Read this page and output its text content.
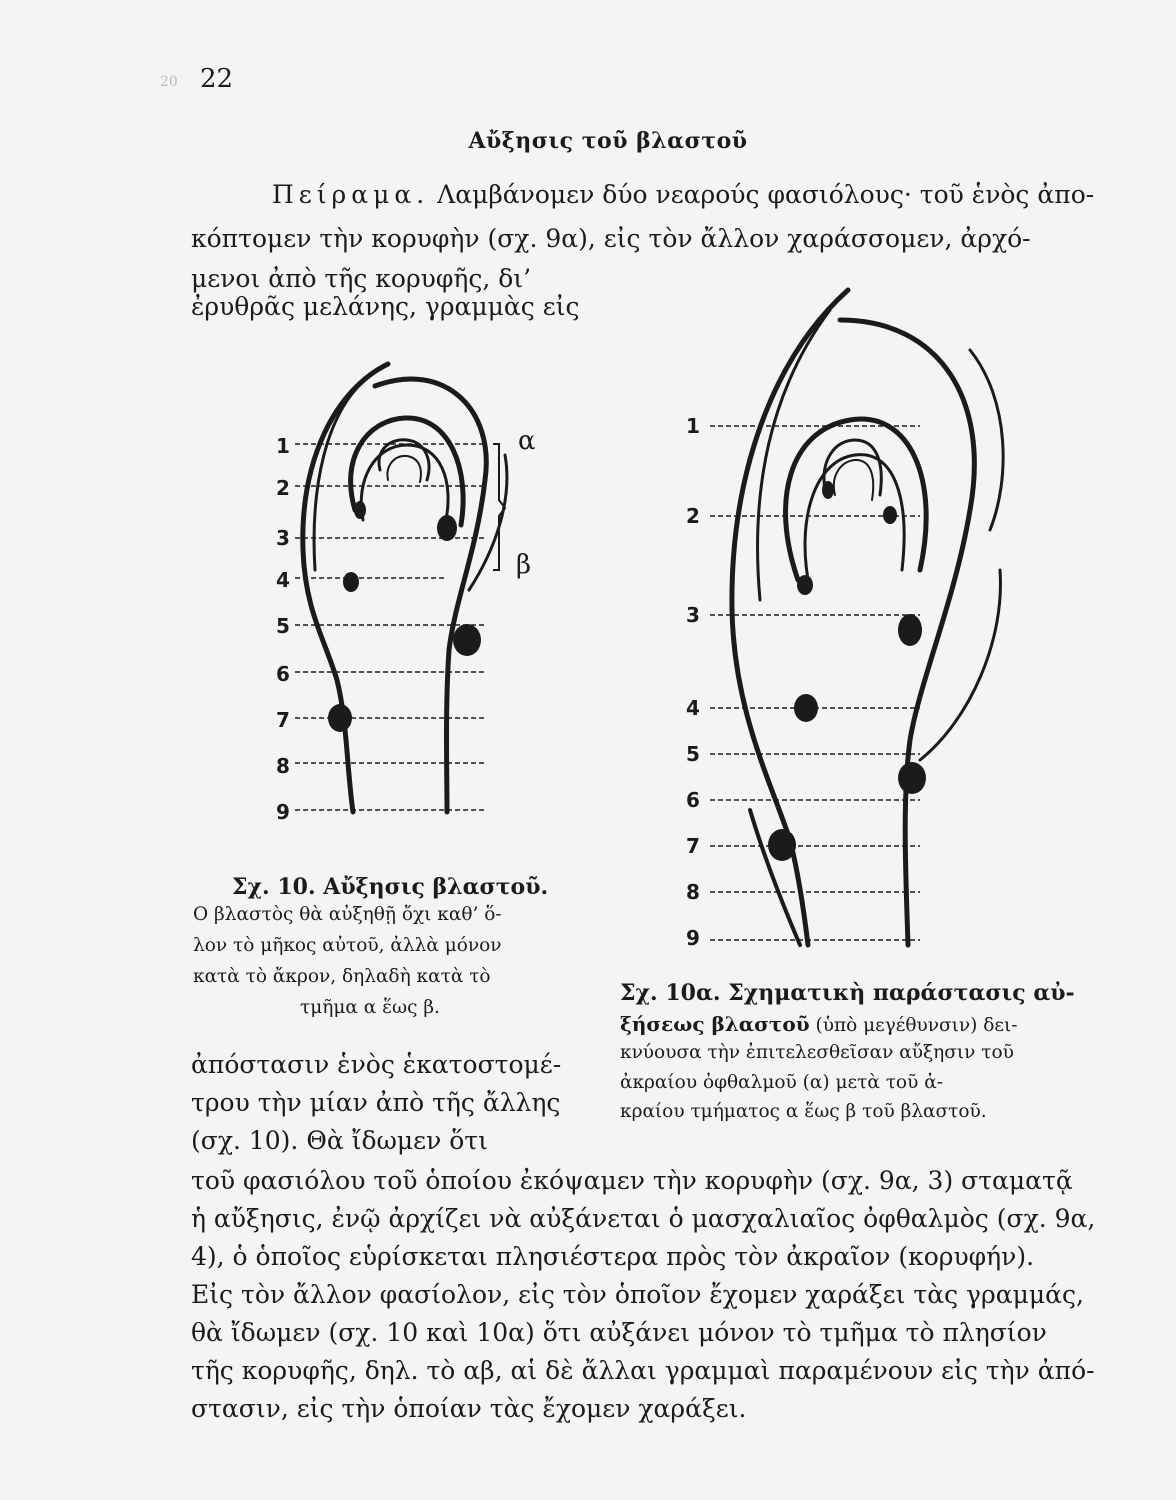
20 22
Αὔξησις τοῦ βλαστοῦ
Πείραμα. Λαμβάνομεν δύο νεαρούς φασιόλους· τοῦ ἑνὸς ἀπο-
κόπτομεν τὴν κορυφὴν (σχ. 9α), εἰς τὸν ἄλλον χαράσσομεν, ἀρχό-
μενοι ἀπὸ τῆς κορυφῆς, δι’
ἐρυθρᾶς μελάνης, γραμμὰς εἰς
1
2
3
4
5
6
7
8
9
α
β
Σχ. 10. Αὔξησις βλαστοῦ.
Ο βλαστὸς θὰ αὐξηθῇ ὄχι καθ’ ὅ-
λον τὸ μῆκος αὐτοῦ, ἀλλὰ μόνον
κατὰ τὸ ἄκρον, δηλαδὴ κατὰ τὸ
τμῆμα α ἕως β.
1
2
3
4
5
6
7
8
9
Σχ. 10α. Σχηματικὴ παράστασις αὐ-
ξήσεως βλαστοῦ (ὑπὸ μεγέθυνσιν) δει-
κνύουσα τὴν ἐπιτελεσθεῖσαν αὔξησιν τοῦ
ἀκραίου ὀφθαλμοῦ (α) μετὰ τοῦ ἀ-
κραίου τμήματος α ἕως β τοῦ βλαστοῦ.
ἀπόστασιν ἑνὸς ἑκατοστομέ-
τρου τὴν μίαν ἀπὸ τῆς ἄλλης
(σχ. 10). Θὰ ἴδωμεν ὅτι
τοῦ φασιόλου τοῦ ὁποίου ἐκόψαμεν τὴν κορυφὴν (σχ. 9α, 3) σταματᾷ
ἡ αὔξησις, ἐνῷ ἀρχίζει νὰ αὐξάνεται ὁ μασχαλιαῖος ὀφθαλμὸς (σχ. 9α,
4), ὁ ὁποῖος εὑρίσκεται πλησιέστερα πρὸς τὸν ἀκραῖον (κορυφήν).
Εἰς τὸν ἄλλον φασίολον, εἰς τὸν ὁποῖον ἔχομεν χαράξει τὰς γραμμάς,
θὰ ἴδωμεν (σχ. 10 καὶ 10α) ὅτι αὐξάνει μόνον τὸ τμῆμα τὸ πλησίον
τῆς κορυφῆς, δηλ. τὸ αβ, αἱ δὲ ἄλλαι γραμμαὶ παραμένουν εἰς τὴν ἀπό-
στασιν, εἰς τὴν ὁποίαν τὰς ἔχομεν χαράξει.
